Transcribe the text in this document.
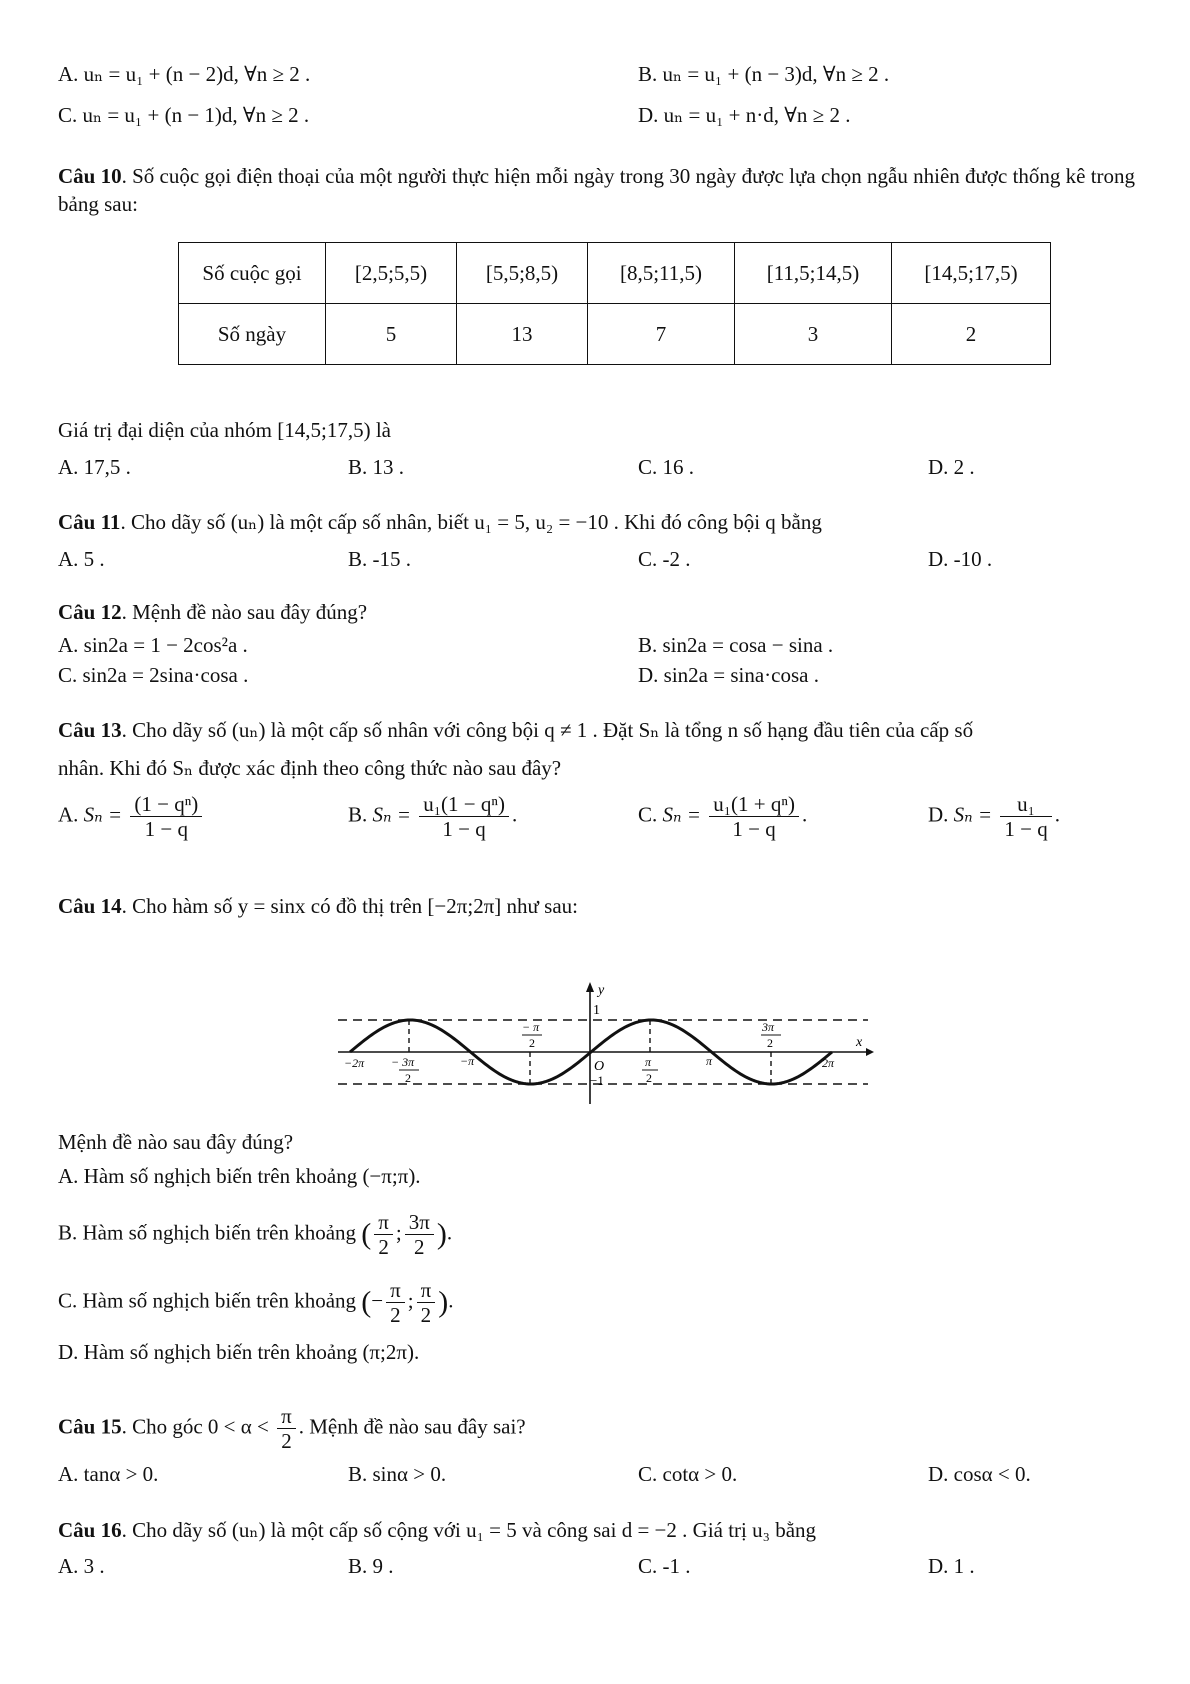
A. uₙ = u₁ + (n − 2)d, ∀n ≥ 2 .	B. uₙ = u₁ + (n − 3)d, ∀n ≥ 2 .
C. uₙ = u₁ + (n − 1)d, ∀n ≥ 2 .	D. uₙ = u₁ + n·d, ∀n ≥ 2 .
Câu 10. Số cuộc gọi điện thoại của một người thực hiện mỗi ngày trong 30 ngày được lựa chọn ngẫu nhiên được thống kê trong bảng sau:
Số cuộc gọi	[2,5;5,5)	[5,5;8,5)	[8,5;11,5)	[11,5;14,5)	[14,5;17,5)
Số ngày	5	13	7	3	2
Giá trị đại diện của nhóm [14,5;17,5) là
A. 17,5 .	B. 13 .	C. 16 .	D. 2 .
Câu 11. Cho dãy số (uₙ) là một cấp số nhân, biết u₁ = 5, u₂ = −10 . Khi đó công bội q bằng
A. 5 .	B. -15 .	C. -2 .	D. -10 .
Câu 12. Mệnh đề nào sau đây đúng?
A. sin2a = 1 − 2cos²a .	B. sin2a = cosa − sina .
C. sin2a = 2sina·cosa .	D. sin2a = sina·cosa .
Câu 13. Cho dãy số (uₙ) là một cấp số nhân với công bội q ≠ 1 . Đặt Sₙ là tổng n số hạng đầu tiên của cấp số
nhân. Khi đó Sₙ được xác định theo công thức nào sau đây?
A. $S_n = \frac{\text{(1 − qⁿ)}}{1 - q}$	B. $S_n = \frac{\text{u₁(1 − qⁿ)}}{1 - q}$ .	C. $S_n = \frac{\text{u₁(1 + qⁿ)}}{1 - q}$ .	D. $S_n = \frac{\text{u₁}}{1 - q}$ .
Câu 14. Cho hàm số y = sinx có đồ thị trên [−2π;2π] như sau:
y
1
x
O
−1
−2π	−π	π	2π
− π
2
3π
2
− 3π
2
π
2
Mệnh đề nào sau đây đúng?
A. Hàm số nghịch biến trên khoảng (−π;π).
B. Hàm số nghịch biến trên khoảng ( $\frac{\pi}{2}$ ; $\frac{3\pi}{2}$ ).
C. Hàm số nghịch biến trên khoảng (− $\frac{\pi}{2}$ ; $\frac{\pi}{2}$ ).
D. Hàm số nghịch biến trên khoảng (π;2π).
Câu 15. Cho góc $0 < \alpha < \frac{\pi}{2}$ . Mệnh đề nào sau đây sai?
A. tanα > 0.	B. sinα > 0.	C. cotα > 0.	D. cosα < 0.
Câu 16. Cho dãy số (uₙ) là một cấp số cộng với u₁ = 5 và công sai d = −2 . Giá trị u₃ bằng
A. 3 .	B. 9 .	C. -1 .	D. 1 .
